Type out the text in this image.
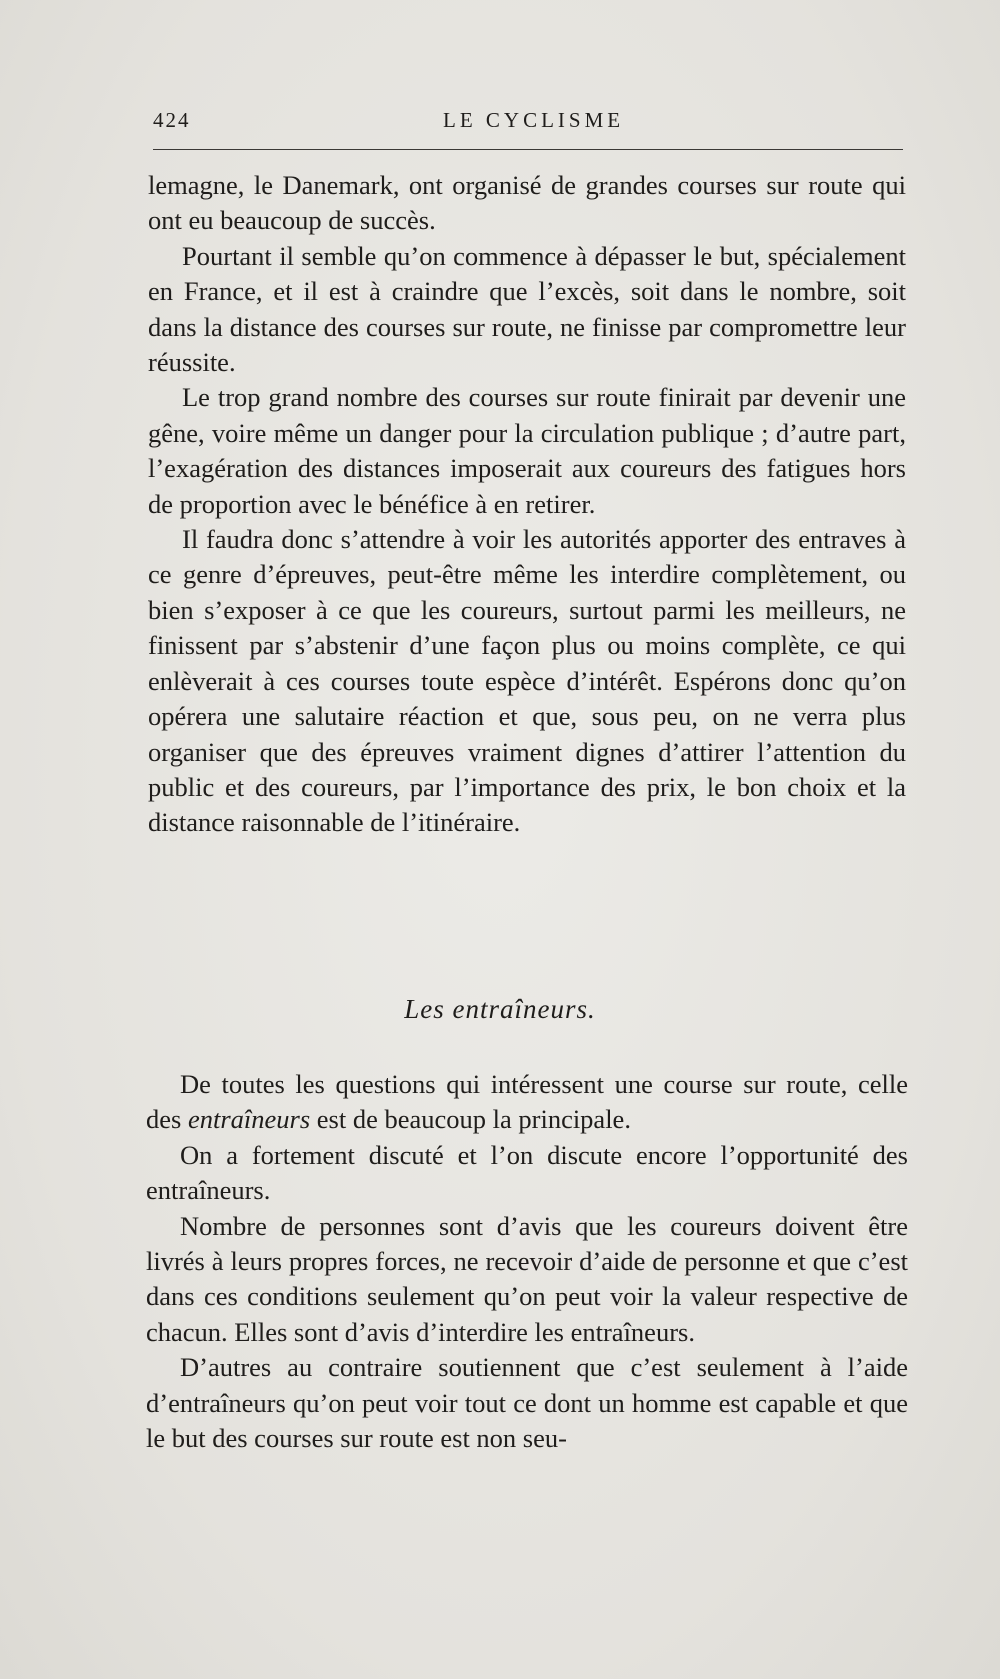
424	LE CYCLISME

lemagne, le Danemark, ont organisé de grandes courses sur route qui ont eu beaucoup de succès.

Pourtant il semble qu’on commence à dépasser le but, spécialement en France, et il est à craindre que l’excès, soit dans le nombre, soit dans la distance des courses sur route, ne finisse par compromettre leur réussite.

Le trop grand nombre des courses sur route finirait par devenir une gêne, voire même un danger pour la circulation publique ; d’autre part, l’exagération des distances imposerait aux coureurs des fatigues hors de proportion avec le bénéfice à en retirer.

Il faudra donc s’attendre à voir les autorités apporter des entraves à ce genre d’épreuves, peut-être même les interdire complètement, ou bien s’exposer à ce que les coureurs, surtout parmi les meilleurs, ne finissent par s’abstenir d’une façon plus ou moins complète, ce qui enlèverait à ces courses toute espèce d’intérêt. Espérons donc qu’on opérera une salutaire réaction et que, sous peu, on ne verra plus organiser que des épreuves vraiment dignes d’attirer l’attention du public et des coureurs, par l’importance des prix, le bon choix et la distance raisonnable de l’itinéraire.

Les entraîneurs.

De toutes les questions qui intéressent une course sur route, celle des entraîneurs est de beaucoup la principale.

On a fortement discuté et l’on discute encore l’opportunité des entraîneurs.

Nombre de personnes sont d’avis que les coureurs doivent être livrés à leurs propres forces, ne recevoir d’aide de personne et que c’est dans ces conditions seulement qu’on peut voir la valeur respective de chacun. Elles sont d’avis d’interdire les entraîneurs.

D’autres au contraire soutiennent que c’est seulement à l’aide d’entraîneurs qu’on peut voir tout ce dont un homme est capable et que le but des courses sur route est non seu-
